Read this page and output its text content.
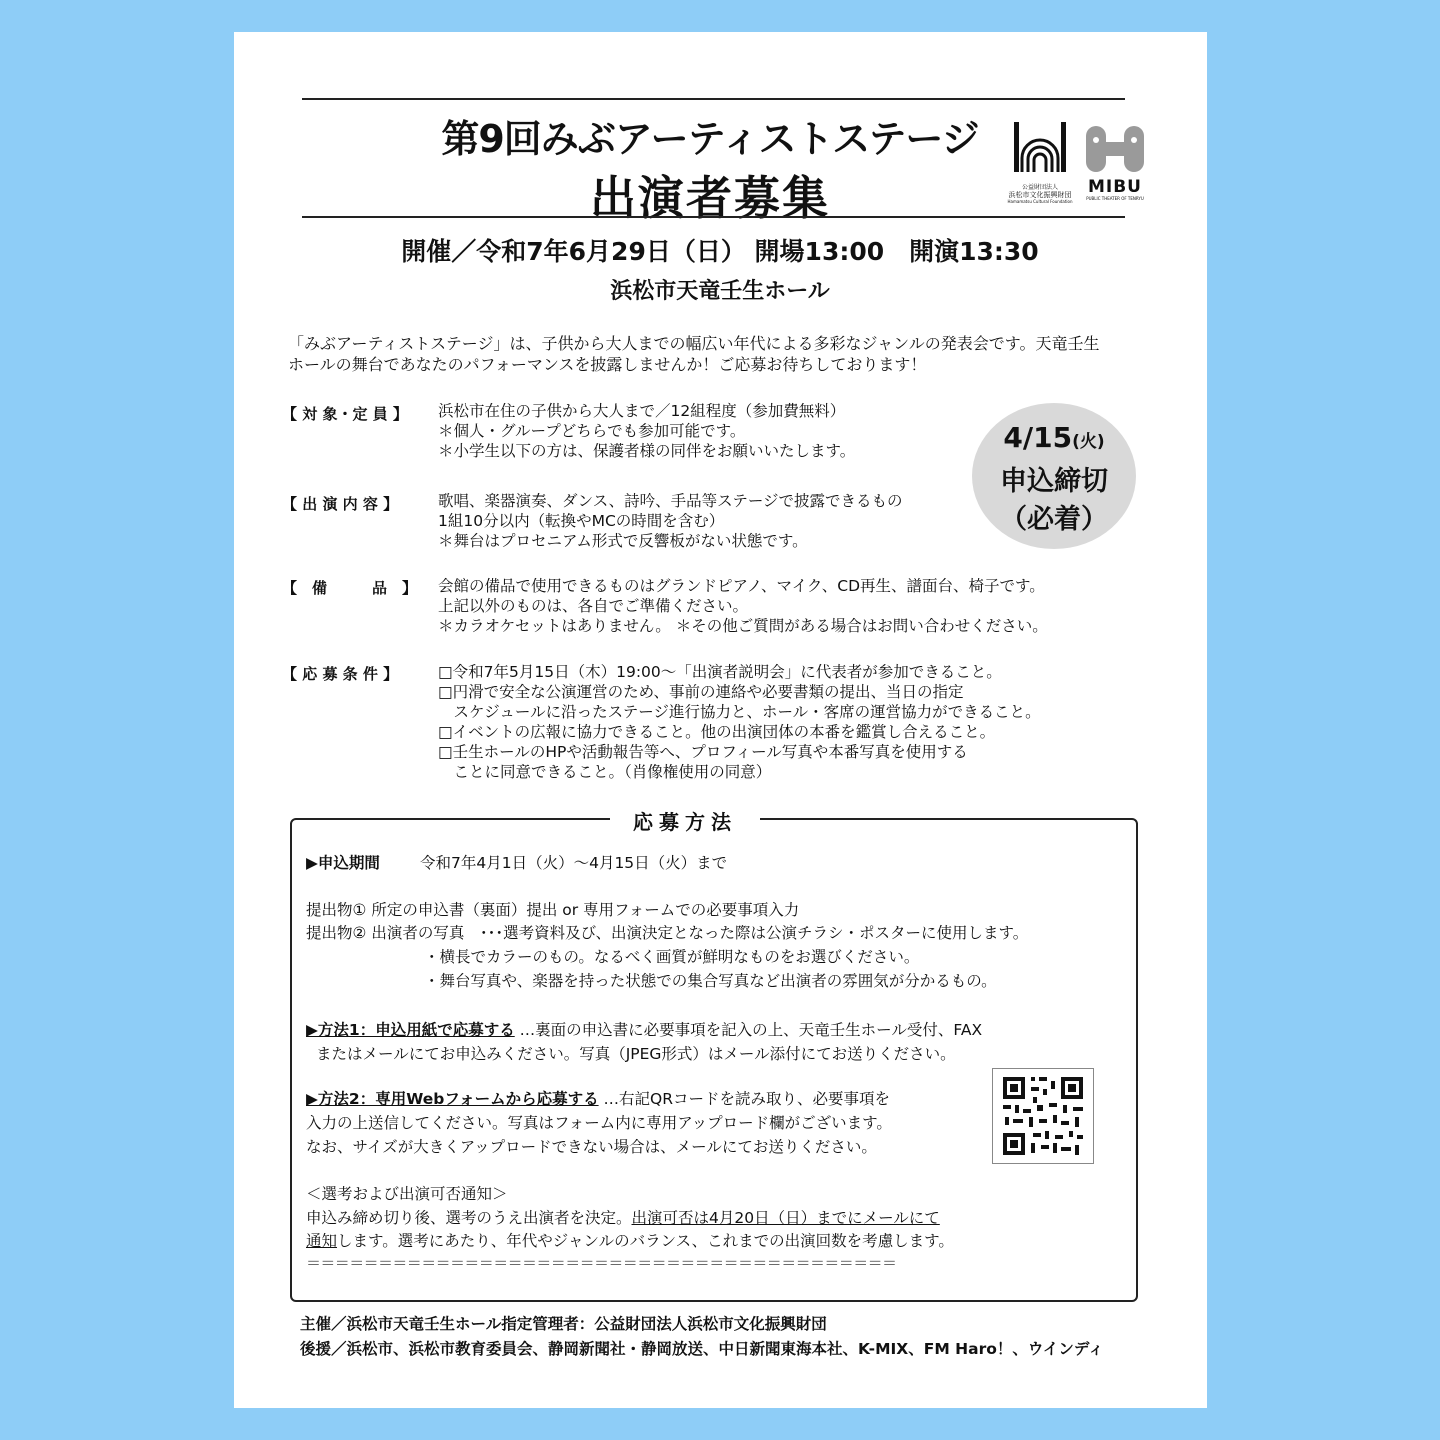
第9回みぶアーティストステージ
出演者募集	公益財団法人
浜松市文化振興財団
Hamamatsu Cultural Foundation
MIBU
PUBLIC THEATER OF TENRYU
開催／令和7年6月29日（日） 開場13:00　開演13:30
浜松市天竜壬生ホール
「みぶアーティストステージ」は、子供から大人までの幅広い年代による多彩なジャンルの発表会です。天竜壬生
ホールの舞台であなたのパフォーマンスを披露しませんか！ご応募お待ちしております！
【 対 象・定 員 】 浜松市在住の子供から大人まで／12組程度（参加費無料）
＊個人・グループどちらでも参加可能です。
＊小学生以下の方は、保護者様の同伴をお願いいたします。
【 出 演 内 容 】	歌唱、楽器演奏、ダンス、詩吟、手品等ステージで披露できるもの
1組10分以内（転換やMCの時間を含む）
＊舞台はプロセニアム形式で反響板がない状態です。
【　備　　　品　】 会館の備品で使用できるものはグランドピアノ、マイク、CD再生、譜面台、椅子です。
上記以外のものは、各自でご準備ください。
＊カラオケセットはありません。 ＊その他ご質問がある場合はお問い合わせください。
【 応 募 条 件 】	□令和7年5月15日（木）19:00～「出演者説明会」に代表者が参加できること。
□円滑で安全な公演運営のため、事前の連絡や必要書類の提出、当日の指定
　スケジュールに沿ったステージ進行協力と、ホール・客席の運営協力ができること。
□イベントの広報に協力できること。他の出演団体の本番を鑑賞し合えること。
□壬生ホールのHPや活動報告等へ、プロフィール写真や本番写真を使用する
　ことに同意できること。（肖像権使用の同意）
4/15(火)
申込締切
（必着）
応募方法
▶申込期間	令和7年4月1日（火）～4月15日（火）まで
提出物① 所定の申込書（裏面）提出 or 専用フォームでの必要事項入力
提出物② 出演者の写真　･･･選考資料及び、出演決定となった際は公演チラシ・ポスターに使用します。
・横長でカラーのもの。なるべく画質が鮮明なものをお選びください。
・舞台写真や、楽器を持った状態での集合写真など出演者の雰囲気が分かるもの。
▶方法1：申込用紙で応募する …裏面の申込書に必要事項を記入の上、天竜壬生ホール受付、FAX
またはメールにてお申込みください。写真（JPEG形式）はメール添付にてお送りください。
▶方法2：専用Webフォームから応募する …右記QRコードを読み取り、必要事項を
入力の上送信してください。写真はフォーム内に専用アップロード欄がございます。
なお、サイズが大きくアップロードできない場合は、メールにてお送りください。
＜選考および出演可否通知＞
申込み締め切り後、選考のうえ出演者を決定。出演可否は4月20日（日）までにメールにて
通知します。選考にあたり、年代やジャンルのバランス、これまでの出演回数を考慮します。
＝＝＝＝＝＝＝＝＝＝＝＝＝＝＝＝＝＝＝＝＝＝＝＝＝＝＝＝＝＝＝＝＝＝＝＝＝＝＝＝＝
主催／浜松市天竜壬生ホール指定管理者：公益財団法人浜松市文化振興財団
後援／浜松市、浜松市教育委員会、静岡新聞社・静岡放送、中日新聞東海本社、K-MIX、FM Haro！、ウインディ
